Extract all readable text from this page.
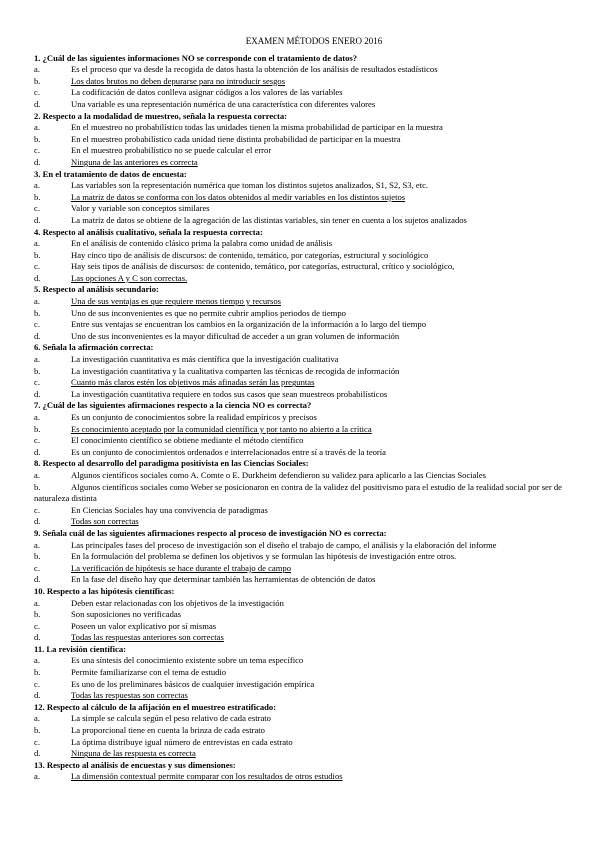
EXAMEN MÉTODOS ENERO 2016
1. ¿Cuál de las siguientes informaciones NO se corresponde con el tratamiento de datos?
a.	Es el proceso que va desde la recogida de datos hasta la obtención de los análisis de resultados estadísticos
b.	Los datos brutos no deben depurarse para no introducir sesgos
c.	La codificación de datos conlleva asignar códigos a los valores de las variables
d.	Una variable es una representación numérica de una característica con diferentes valores
2. Respecto a la modalidad de muestreo, señala la respuesta correcta:
a.	En el muestreo no probabilístico todas las unidades tienen la misma probabilidad de participar en la muestra
b.	En el muestreo probabilístico cada unidad tiene distinta probabilidad de participar en la muestra
c.	En el muestreo probabilístico no se puede calcular el error
d.	Ninguna de las anteriores es correcta
3. En el tratamiento de datos de encuesta:
a.	Las variables son la representación numérica que toman los distintos sujetos analizados, S1, S2, S3, etc.
b.	La matriz de datos se conforma con los datos obtenidos al medir variables en los distintos sujetos
c.	Valor y variable son conceptos similares
d.	La matriz de datos se obtiene de la agregación de las distintas variables, sin tener en cuenta a los sujetos analizados
4. Respecto al análisis cualitativo, señala la respuesta correcta:
a.	En el análisis de contenido clásico prima la palabra como unidad de análisis
b.	Hay cinco tipo de análisis de discursos: de contenido, temático, por categorías, estructural y sociológico
c.	Hay seis tipos de análisis de discursos: de contenido, temático, por categorías, estructural, crítico y sociológico,
d.	Las opciones A y C son correctas.
5. Respecto al análisis secundario:
a.	Una de sus ventajas es que requiere menos tiempo y recursos
b.	Uno de sus inconvenientes es que no permite cubrir amplios periodos de tiempo
c.	Entre sus ventajas se encuentran los cambios en la organización de la información a lo largo del tiempo
d.	Uno de sus inconvenientes es la mayor dificultad de acceder a un gran volumen de información
6. Señala la afirmación correcta:
a.	La investigación cuantitativa es más científica que la investigación cualitativa
b.	La investigación cuantitativa y la cualitativa comparten las técnicas de recogida de información
c.	Cuanto más claros estén los objetivos más afinadas serán las preguntas
d.	La investigación cuantitativa requiere en todos sus casos que sean muestreos probabilísticos
7. ¿Cuál de las siguientes afirmaciones respecto a la ciencia NO es correcta?
a.	Es un conjunto de conocimientos sobre la realidad empíricos y precisos
b.	Es conocimiento aceptado por la comunidad científica y por tanto no abierto a la crítica
c.	El conocimiento científico se obtiene mediante el método científico
d.	Es un conjunto de conocimientos ordenados e interrelacionados entre sí a través de la teoría
8. Respecto al desarrollo del paradigma positivista en las Ciencias Sociales:
a.	Algunos científicos sociales como A. Comte o E. Durkheim defendieron su validez para aplicarlo a las Ciencias Sociales
b.	Algunos científicos sociales como Weber se posicionaron en contra de la validez del positivismo para el estudio de la realidad social por ser de naturaleza distinta
c.	En Ciencias Sociales hay una convivencia de paradigmas
d.	Todas son correctas
9. Señala cuál de las siguientes afirmaciones respecto al proceso de investigación NO es correcta:
a.	Las principales fases del proceso de investigación son el diseño el trabajo de campo, el análisis y la elaboración del informe
b.	En la formulación del problema se definen los objetivos y se formulan las hipótesis de investigación entre otros.
c.	La verificación de hipótesis se hace durante el trabajo de campo
d.	En la fase del diseño hay que determinar también las herramientas de obtención de datos
10. Respecto a las hipótesis científicas:
a.	Deben estar relacionadas con los objetivos de la investigación
b.	Son suposiciones no verificadas
c.	Poseen un valor explicativo por sí mismas
d.	Todas las respuestas anteriores son correctas
11. La revisión científica:
a.	Es una síntesis del conocimiento existente sobre un tema específico
b.	Permite familiarizarse con el tema de estudio
c.	Es uno de los preliminares básicos de cualquier investigación empírica
d.	Todas las respuestas son correctas
12. Respecto al cálculo de la afijación en el muestreo estratificado:
a.	La simple se calcula según el peso relativo de cada estrato
b.	La proporcional tiene en cuenta la brinza de cada estrato
c.	La óptima distribuye igual número de entrevistas en cada estrato
d.	Ninguna de las respuesta es correcta
13. Respecto al análisis de encuestas y sus dimensiones:
a.	La dimensión contextual permite comparar con los resultados de otros estudios
